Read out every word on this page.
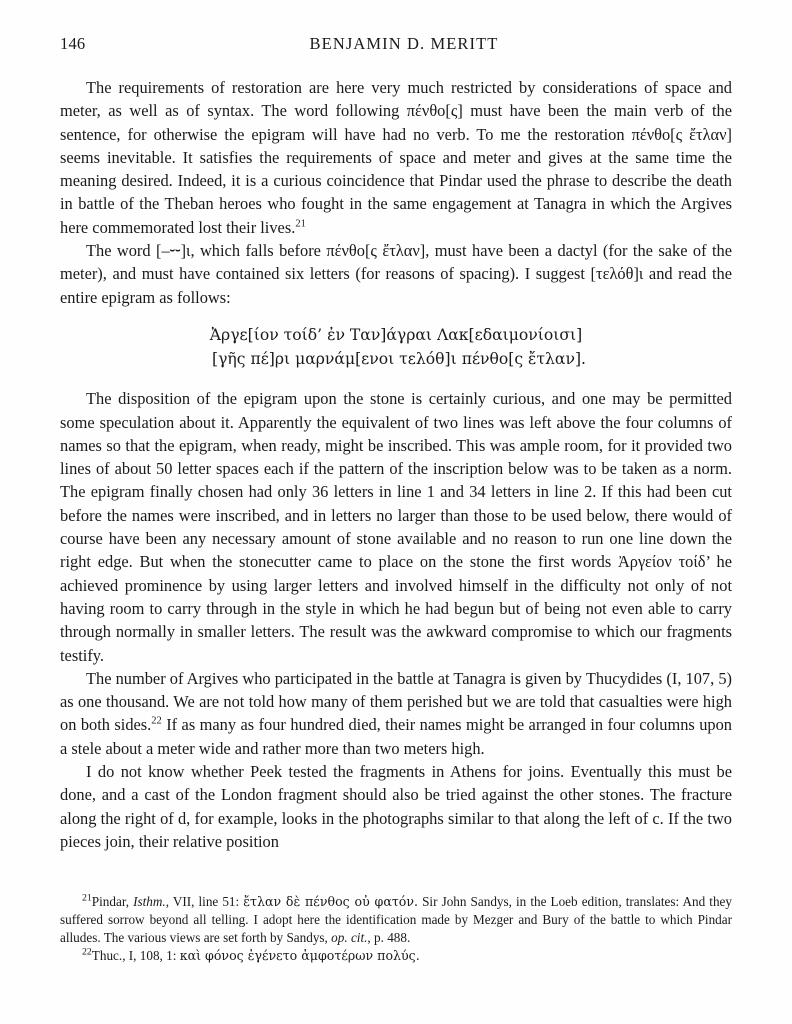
146	BENJAMIN D. MERITT

The requirements of restoration are here very much restricted by considerations of space and meter, as well as of syntax. The word following πένθο[ς] must have been the main verb of the sentence, for otherwise the epigram will have had no verb. To me the restoration πένθο[ς ἔτλαν] seems inevitable. It satisfies the requirements of space and meter and gives at the same time the meaning desired. Indeed, it is a curious coincidence that Pindar used the phrase to describe the death in battle of the Theban heroes who fought in the same engagement at Tanagra in which the Argives here commemorated lost their lives.$^{21}$

The word [–⏑⏑]ι, which falls before πένθο[ς ἔτλαν], must have been a dactyl (for the sake of the meter), and must have contained six letters (for reasons of spacing). I suggest [τελόθ]ι and read the entire epigram as follows:

Ἀργε[ίον τοίδ’ ἐν Ταν]άγραι Λακ[εδαιμονίοισι]
[γῆς πέ]ρι μαρνάμ[ενοι τελόθ]ι πένθο[ς ἔτλαν].

The disposition of the epigram upon the stone is certainly curious, and one may be permitted some speculation about it. Apparently the equivalent of two lines was left above the four columns of names so that the epigram, when ready, might be inscribed. This was ample room, for it provided two lines of about 50 letter spaces each if the pattern of the inscription below was to be taken as a norm. The epigram finally chosen had only 36 letters in line 1 and 34 letters in line 2. If this had been cut before the names were inscribed, and in letters no larger than those to be used below, there would of course have been any necessary amount of stone available and no reason to run one line down the right edge. But when the stonecutter came to place on the stone the first words Ἀργείον τοίδ’ he achieved prominence by using larger letters and involved himself in the difficulty not only of not having room to carry through in the style in which he had begun but of being not even able to carry through normally in smaller letters. The result was the awkward compromise to which our fragments testify.

The number of Argives who participated in the battle at Tanagra is given by Thucydides (I, 107, 5) as one thousand. We are not told how many of them perished but we are told that casualties were high on both sides.$^{22}$ If as many as four hundred died, their names might be arranged in four columns upon a stele about a meter wide and rather more than two meters high.

I do not know whether Peek tested the fragments in Athens for joins. Eventually this must be done, and a cast of the London fragment should also be tried against the other stones. The fracture along the right of d, for example, looks in the photographs similar to that along the left of c. If the two pieces join, their relative position

$^{21}$Pindar, Isthm., VII, line 51: ἔτλαν δὲ πένθος οὐ φατόν. Sir John Sandys, in the Loeb edition, translates: And they suffered sorrow beyond all telling. I adopt here the identification made by Mezger and Bury of the battle to which Pindar alludes. The various views are set forth by Sandys, op. cit., p. 488.

$^{22}$Thuc., I, 108, 1: καὶ φόνος ἐγένετο ἀμφοτέρων πολύς.
